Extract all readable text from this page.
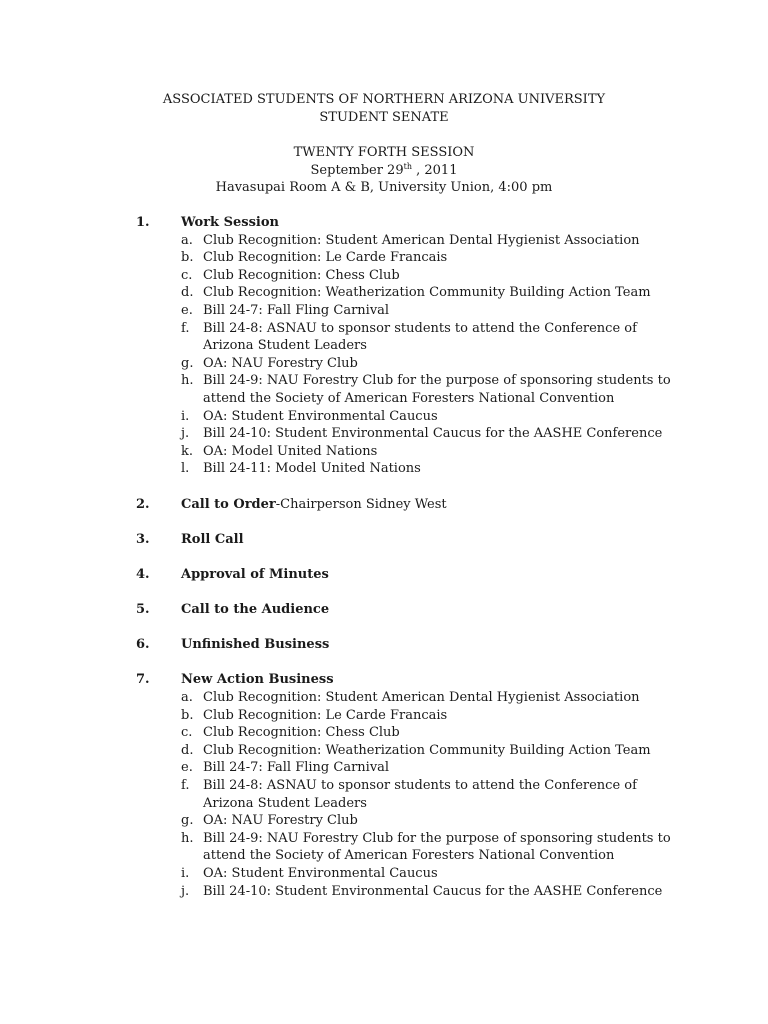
ASSOCIATED STUDENTS OF NORTHERN ARIZONA UNIVERSITY
STUDENT SENATE
TWENTY FORTH SESSION
September 29th , 2011
Havasupai Room A & B, University Union, 4:00 pm
1. Work Session
a. Club Recognition: Student American Dental Hygienist Association
b. Club Recognition: Le Carde Francais
c. Club Recognition: Chess Club
d. Club Recognition: Weatherization Community Building Action Team
e. Bill 24-7: Fall Fling Carnival
f. Bill 24-8: ASNAU to sponsor students to attend the Conference of
Arizona Student Leaders
g. OA: NAU Forestry Club
h. Bill 24-9: NAU Forestry Club for the purpose of sponsoring students to
attend the Society of American Foresters National Convention
i. OA: Student Environmental Caucus
j. Bill 24-10: Student Environmental Caucus for the AASHE Conference
k. OA: Model United Nations
l. Bill 24-11: Model United Nations
2. Call to Order-Chairperson Sidney West
3. Roll Call
4. Approval of Minutes
5. Call to the Audience
6. Unfinished Business
7. New Action Business
a. Club Recognition: Student American Dental Hygienist Association
b. Club Recognition: Le Carde Francais
c. Club Recognition: Chess Club
d. Club Recognition: Weatherization Community Building Action Team
e. Bill 24-7: Fall Fling Carnival
f. Bill 24-8: ASNAU to sponsor students to attend the Conference of
Arizona Student Leaders
g. OA: NAU Forestry Club
h. Bill 24-9: NAU Forestry Club for the purpose of sponsoring students to
attend the Society of American Foresters National Convention
i. OA: Student Environmental Caucus
j. Bill 24-10: Student Environmental Caucus for the AASHE Conference
